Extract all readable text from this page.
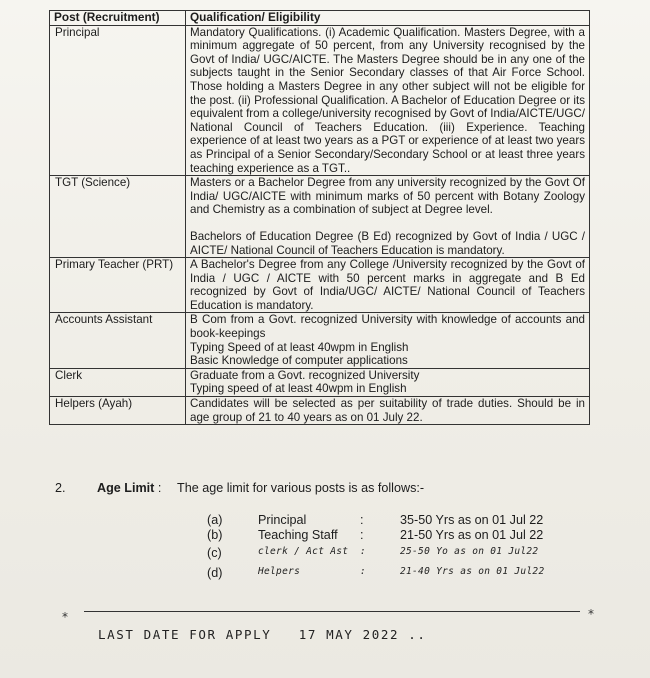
Post (Recruitment)	Qualification/ Eligibility
Principal	Mandatory Qualifications. (i) Academic Qualification. Masters Degree, with a minimum aggregate of 50 percent, from any University recognised by the Govt of India/ UGC/AICTE. The Masters Degree should be in any one of the subjects taught in the Senior Secondary classes of that Air Force School. Those holding a Masters Degree in any other subject will not be eligible for the post. (ii) Professional Qualification. A Bachelor of Education Degree or its equivalent from a college/university recognised by Govt of India/AICTE/UGC/ National Council of Teachers Education. (iii) Experience. Teaching experience of at least two years as a PGT or experience of at least two years as Principal of a Senior Secondary/Secondary School or at least three years teaching experience as a TGT..

TGT (Science)	Masters or a Bachelor Degree from any university recognized by the Govt Of India/ UGC/AICTE with minimum marks of 50 percent with Botany Zoology and Chemistry as a combination of subject at Degree level.
Bachelors of Education Degree (B Ed) recognized by Govt of India / UGC / AICTE/ National Council of Teachers Education is mandatory.

Primary Teacher (PRT)	A Bachelor's Degree from any College /University recognized by the Govt of India / UGC / AICTE with 50 percent marks in aggregate and B Ed recognized by Govt of India/UGC/ AICTE/ National Council of Teachers Education is mandatory.

Accounts Assistant	B Com from a Govt. recognized University with knowledge of accounts and book-keepings
Typing Speed of at least 40wpm in English
Basic Knowledge of computer applications

Clerk	Graduate from a Govt. recognized University
Typing speed of at least 40wpm in English

Helpers (Ayah)	Candidates will be selected as per suitability of trade duties. Should be in age group of 21 to 40 years as on 01 July 22.
2. Age Limit : The age limit for various posts is as follows:-
(a)	Principal	:	35-50 Yrs as on 01 Jul 22
(b)	Teaching Staff :	21-50 Yrs as on 01 Jul 22
(c)	clerk / Act Ast :	25-50 Yo as on 01 Jul22
(d)	Helpers	:	21-40 Yrs as on 01 Jul22
*	*
LAST DATE FOR APPLY   17 MAY 2022 ..
